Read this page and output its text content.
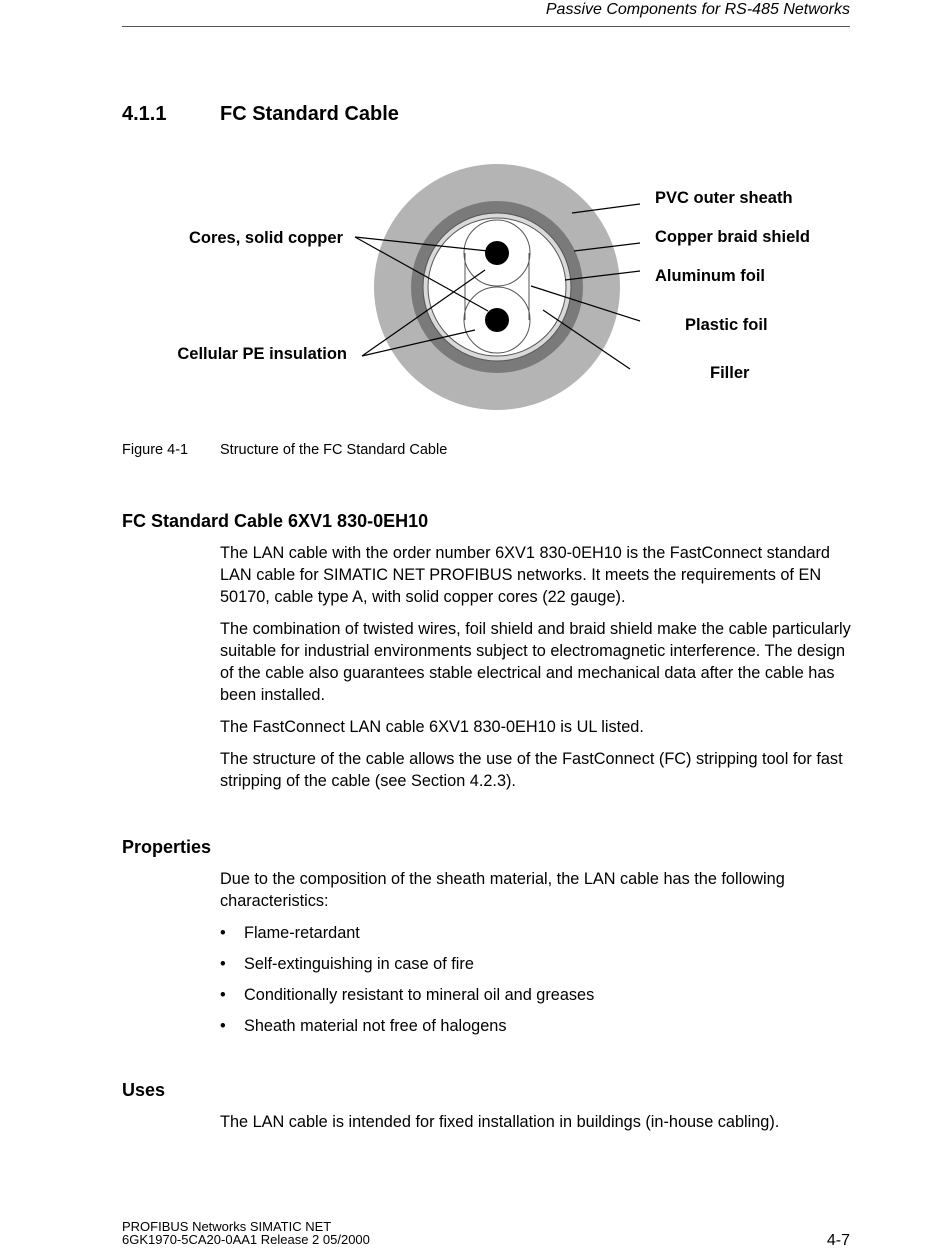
Passive Components for RS-485 Networks
4.1.1	FC Standard Cable
Cores, solid copper
Cellular PE insulation
PVC outer sheath
Copper braid shield
Aluminum foil
Plastic foil
Filler
Figure 4-1 Structure of the FC Standard Cable
FC Standard Cable 6XV1 830-0EH10

The LAN cable with the order number 6XV1 830-0EH10 is the FastConnect standard LAN cable for SIMATIC NET PROFIBUS networks. It meets the requirements of EN 50170, cable type A, with solid copper cores (22 gauge).

The combination of twisted wires, foil shield and braid shield make the cable particularly suitable for industrial environments subject to electromagnetic interference. The design of the cable also guarantees stable electrical and mechanical data after the cable has been installed.

The FastConnect LAN cable 6XV1 830-0EH10 is UL listed.

The structure of the cable allows the use of the FastConnect (FC) stripping tool for fast stripping of the cable (see Section 4.2.3).

Properties

Due to the composition of the sheath material, the LAN cable has the following characteristics:

• Flame-retardant
• Self-extinguishing in case of fire
• Conditionally resistant to mineral oil and greases
• Sheath material not free of halogens
Uses

The LAN cable is intended for fixed installation in buildings (in-house cabling).

PROFIBUS Networks SIMATIC NET
6GK1970-5CA20-0AA1 Release 2 05/2000	4-7
